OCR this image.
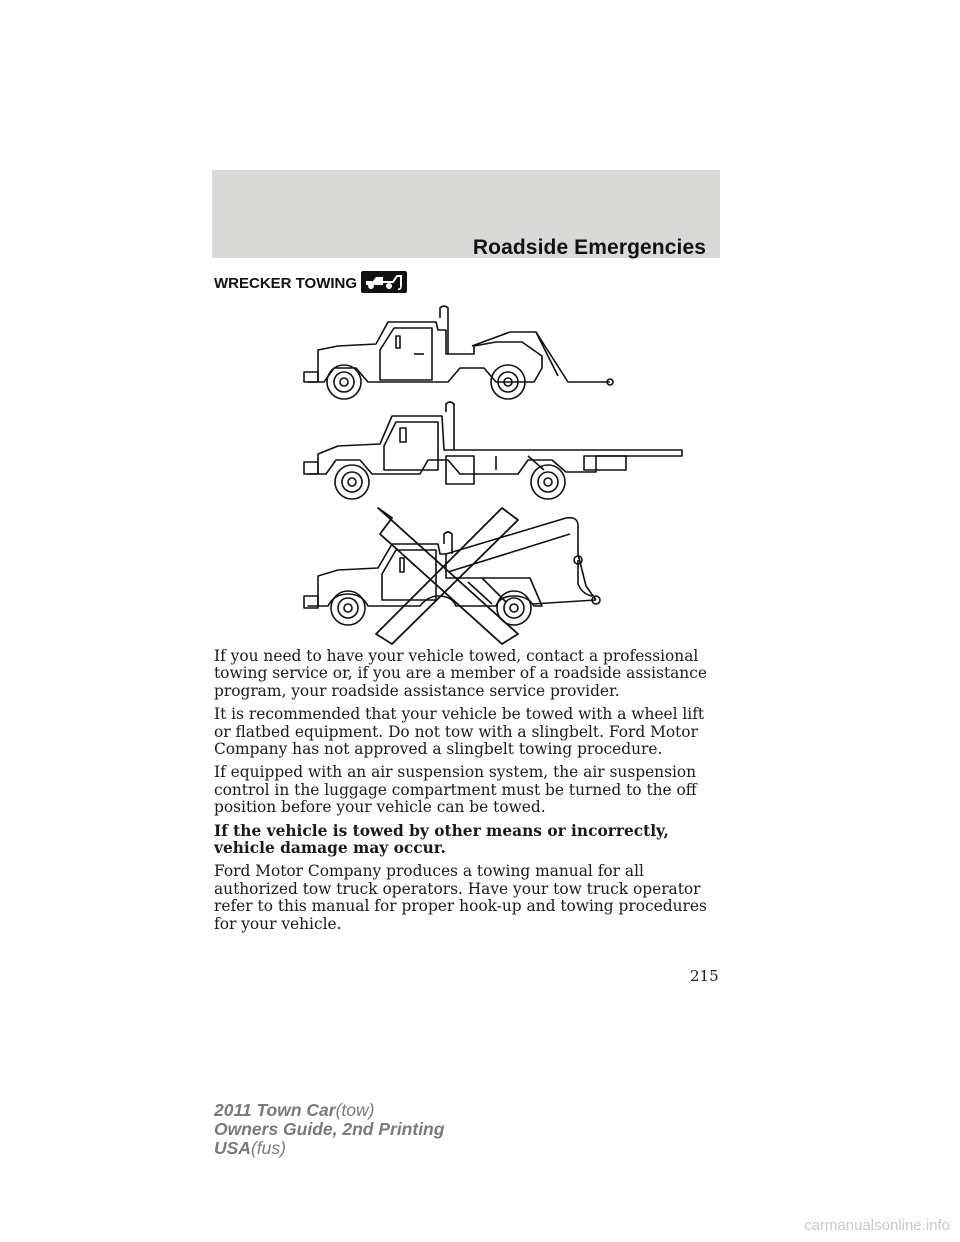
Roadside Emergencies
WRECKER TOWING

If you need to have your vehicle towed, contact a professional towing service or, if you are a member of a roadside assistance program, your roadside assistance service provider.

It is recommended that your vehicle be towed with a wheel lift or flatbed equipment. Do not tow with a slingbelt. Ford Motor Company has not approved a slingbelt towing procedure.

If equipped with an air suspension system, the air suspension control in the luggage compartment must be turned to the off position before your vehicle can be towed.

If the vehicle is towed by other means or incorrectly, vehicle damage may occur.

Ford Motor Company produces a towing manual for all authorized tow truck operators. Have your tow truck operator refer to this manual for proper hook-up and towing procedures for your vehicle.

215
2011 Town Car(tow)
Owners Guide, 2nd Printing
USA(fus)
carmanualsonline.info
